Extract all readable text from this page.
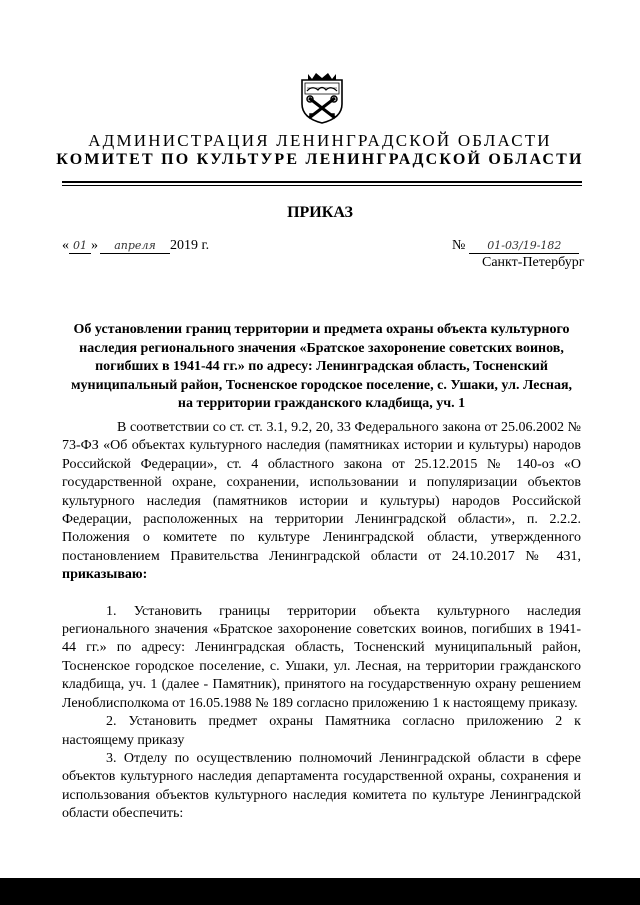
АДМИНИСТРАЦИЯ ЛЕНИНГРАДСКОЙ ОБЛАСТИ
КОМИТЕТ ПО КУЛЬТУРЕ ЛЕНИНГРАДСКОЙ ОБЛАСТИ
ПРИКАЗ
« 01 » апреля 2019 г.	№ 01-03/19-182
Санкт-Петербург
Об установлении границ территории и предмета охраны объекта культурного наследия регионального значения «Братское захоронение советских воинов, погибших в 1941-44 гг.» по адресу: Ленинградская область, Тосненский муниципальный район, Тосненское городское поселение, с. Ушаки, ул. Лесная, на территории гражданского кладбища, уч. 1

В соответствии со ст. ст. 3.1, 9.2, 20, 33 Федерального закона от 25.06.2002 № 73-ФЗ «Об объектах культурного наследия (памятниках истории и культуры) народов Российской Федерации», ст. 4 областного закона от 25.12.2015 № 140-оз «О государственной охране, сохранении, использовании и популяризации объектов культурного наследия (памятников истории и культуры) народов Российской Федерации, расположенных на территории Ленинградской области», п. 2.2.2. Положения о комитете по культуре Ленинградской области, утвержденного постановлением Правительства Ленинградской области от 24.10.2017 № 431, приказываю:

1. Установить границы территории объекта культурного наследия регионального значения «Братское захоронение советских воинов, погибших в 1941-44 гг.» по адресу: Ленинградская область, Тосненский муниципальный район, Тосненское городское поселение, с. Ушаки, ул. Лесная, на территории гражданского кладбища, уч. 1 (далее - Памятник), принятого на государственную охрану решением Леноблисполкома от 16.05.1988 № 189 согласно приложению 1 к настоящему приказу.

2. Установить предмет охраны Памятника согласно приложению 2 к настоящему приказу

3. Отделу по осуществлению полномочий Ленинградской области в сфере объектов культурного наследия департамента государственной охраны, сохранения и использования объектов культурного наследия комитета по культуре Ленинградской области обеспечить:
